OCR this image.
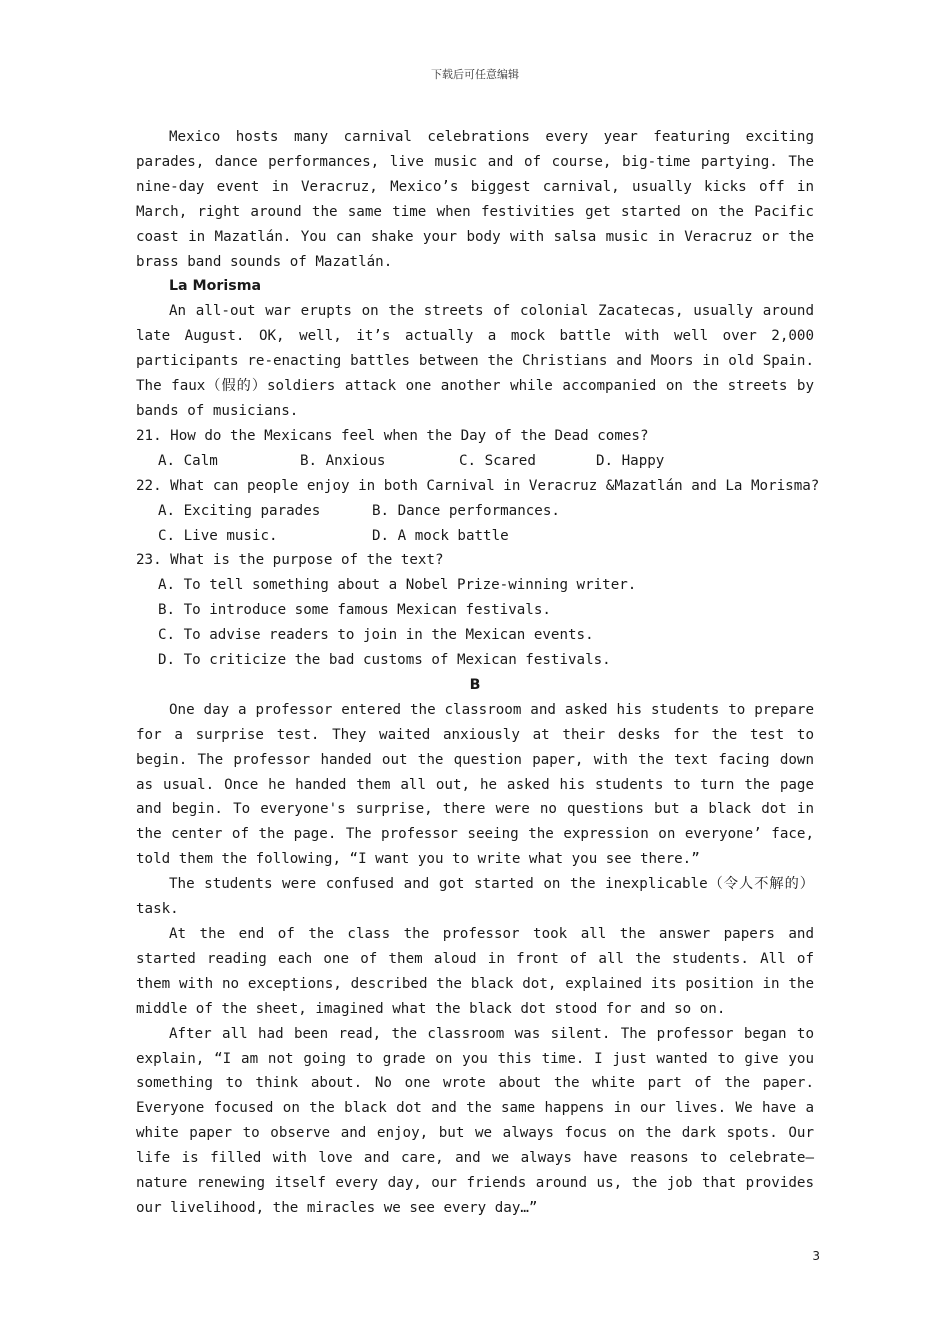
下载后可任意编辑

Mexico hosts many carnival celebrations every year featuring exciting parades, dance performances, live music and of course, big-time partying. The nine-day event in Veracruz, Mexico’s biggest carnival, usually kicks off in March, right around the same time when festivities get started on the Pacific coast in Mazatlán. You can shake your body with salsa music in Veracruz or the brass band sounds of Mazatlán.

La Morisma

An all-out war erupts on the streets of colonial Zacatecas, usually around late August. OK, well, it’s actually a mock battle with well over 2,000 participants re-enacting battles between the Christians and Moors in old Spain. The faux（假的）soldiers attack one another while accompanied on the streets by bands of musicians.

21. How do the Mexicans feel when the Day of the Dead comes?

A. Calm	B. Anxious	C. Scared	D. Happy

22. What can people enjoy in both Carnival in Veracruz &Mazatlán and La Morisma?

A. Exciting parades	B. Dance performances.

C. Live music.	D. A mock battle

23. What is the purpose of the text?

A. To tell something about a Nobel Prize-winning writer.

B. To introduce some famous Mexican festivals.

C. To advise readers to join in the Mexican events.

D. To criticize the bad customs of Mexican festivals.

B

One day a professor entered the classroom and asked his students to prepare for a surprise test. They waited anxiously at their desks for the test to begin. The professor handed out the question paper, with the text facing down as usual. Once he handed them all out, he asked his students to turn the page and begin. To everyone's surprise, there were no questions but a black dot in the center of the page. The professor seeing the expression on everyone’ face, told them the following, “I want you to write what you see there.”

The students were confused and got started on the inexplicable（令人不解的）task.

At the end of the class the professor took all the answer papers and started reading each one of them aloud in front of all the students. All of them with no exceptions, described the black dot, explained its position in the middle of the sheet, imagined what the black dot stood for and so on.

After all had been read, the classroom was silent. The professor began to explain, “I am not going to grade on you this time. I just wanted to give you something to think about. No one wrote about the white part of the paper. Everyone focused on the black dot and the same happens in our lives. We have a white paper to observe and enjoy, but we always focus on the dark spots. Our life is filled with love and care, and we always have reasons to celebrate—nature renewing itself every day, our friends around us, the job that provides our livelihood, the miracles we see every day…”

3
